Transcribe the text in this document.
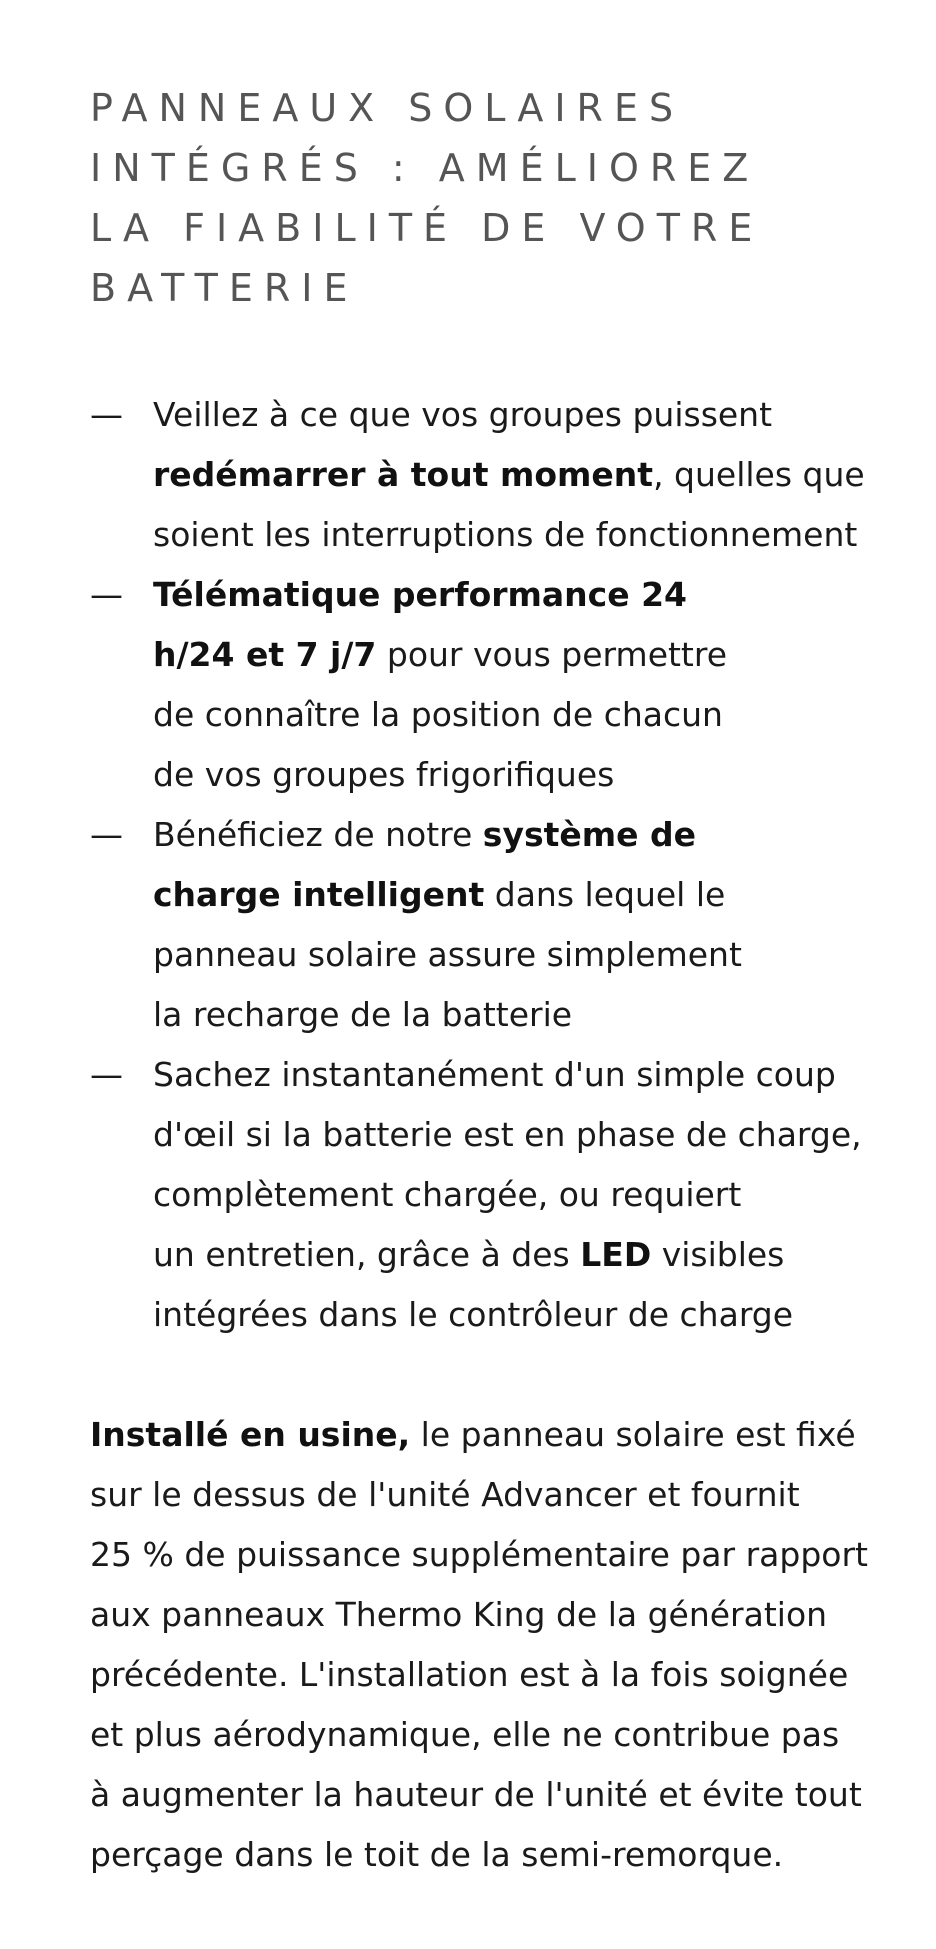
PANNEAUX SOLAIRES
INTÉGRÉS : AMÉLIOREZ
LA FIABILITÉ DE VOTRE
BATTERIE
— Veillez à ce que vos groupes puissent
redémarrer à tout moment, quelles que
soient les interruptions de fonctionnement
— Télématique performance 24
h/24 et 7 j/7 pour vous permettre
de connaître la position de chacun
de vos groupes frigorifiques
— Bénéficiez de notre système de
charge intelligent dans lequel le
panneau solaire assure simplement
la recharge de la batterie
— Sachez instantanément d'un simple coup
d'œil si la batterie est en phase de charge,
complètement chargée, ou requiert
un entretien, grâce à des LED visibles
intégrées dans le contrôleur de charge

Installé en usine, le panneau solaire est fixé
sur le dessus de l'unité Advancer et fournit
25 % de puissance supplémentaire par rapport
aux panneaux Thermo King de la génération
précédente. L'installation est à la fois soignée
et plus aérodynamique, elle ne contribue pas
à augmenter la hauteur de l'unité et évite tout
perçage dans le toit de la semi-remorque.
